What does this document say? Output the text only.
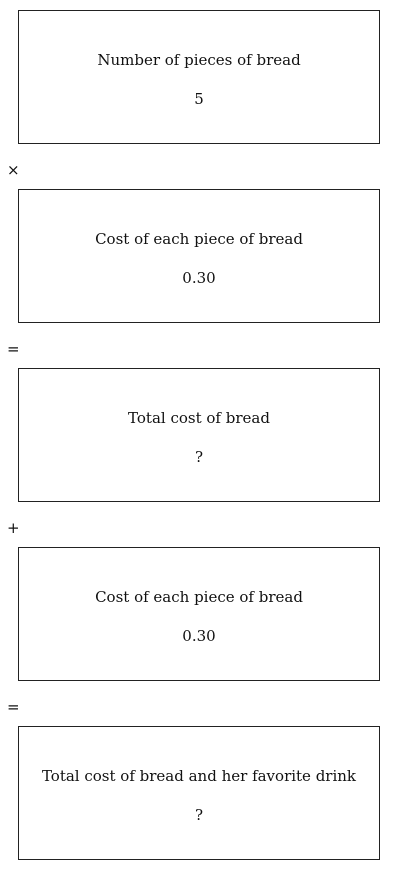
Number of pieces of bread
5
×
Cost of each piece of bread
0.30
=
Total cost of bread
?
+
Cost of each piece of bread
0.30
=
Total cost of bread and her favorite drink
?
